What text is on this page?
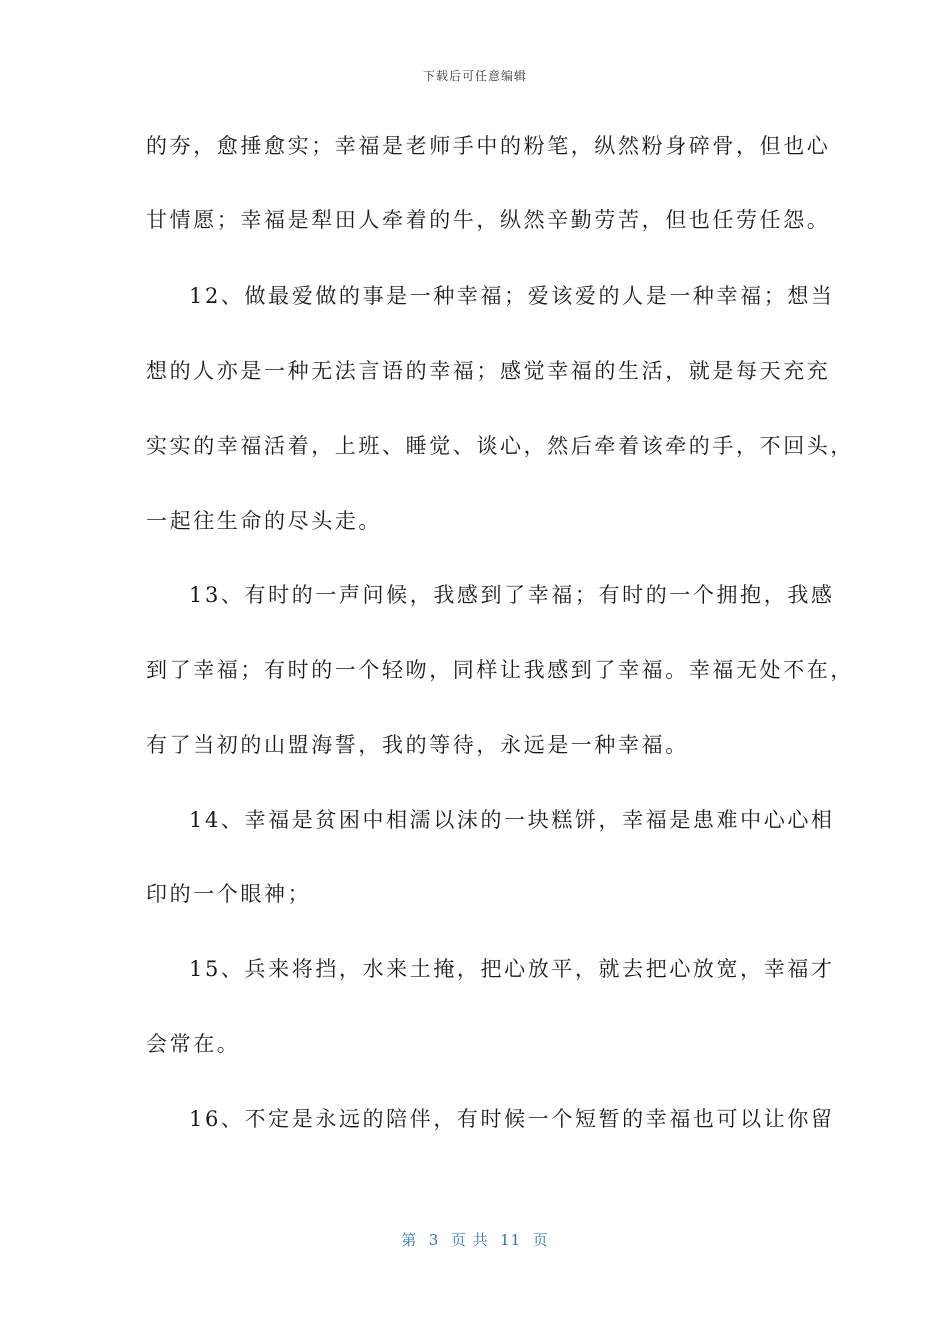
下载后可任意编辑
的夯，愈捶愈实；幸福是老师手中的粉笔，纵然粉身碎骨，但也心
甘情愿；幸福是犁田人牵着的牛，纵然辛勤劳苦，但也任劳任怨。
12、做最爱做的事是一种幸福；爱该爱的人是一种幸福；想当
想的人亦是一种无法言语的幸福；感觉幸福的生活，就是每天充充
实实的幸福活着，上班、睡觉、谈心，然后牵着该牵的手，不回头，
一起往生命的尽头走。
13、有时的一声问候，我感到了幸福；有时的一个拥抱，我感
到了幸福；有时的一个轻吻，同样让我感到了幸福。幸福无处不在，
有了当初的山盟海誓，我的等待，永远是一种幸福。
14、幸福是贫困中相濡以沫的一块糕饼，幸福是患难中心心相
印的一个眼神；
15、兵来将挡，水来土掩，把心放平，就去把心放宽，幸福才
会常在。
16、不定是永远的陪伴，有时候一个短暂的幸福也可以让你留
第  3  页 共  11  页
